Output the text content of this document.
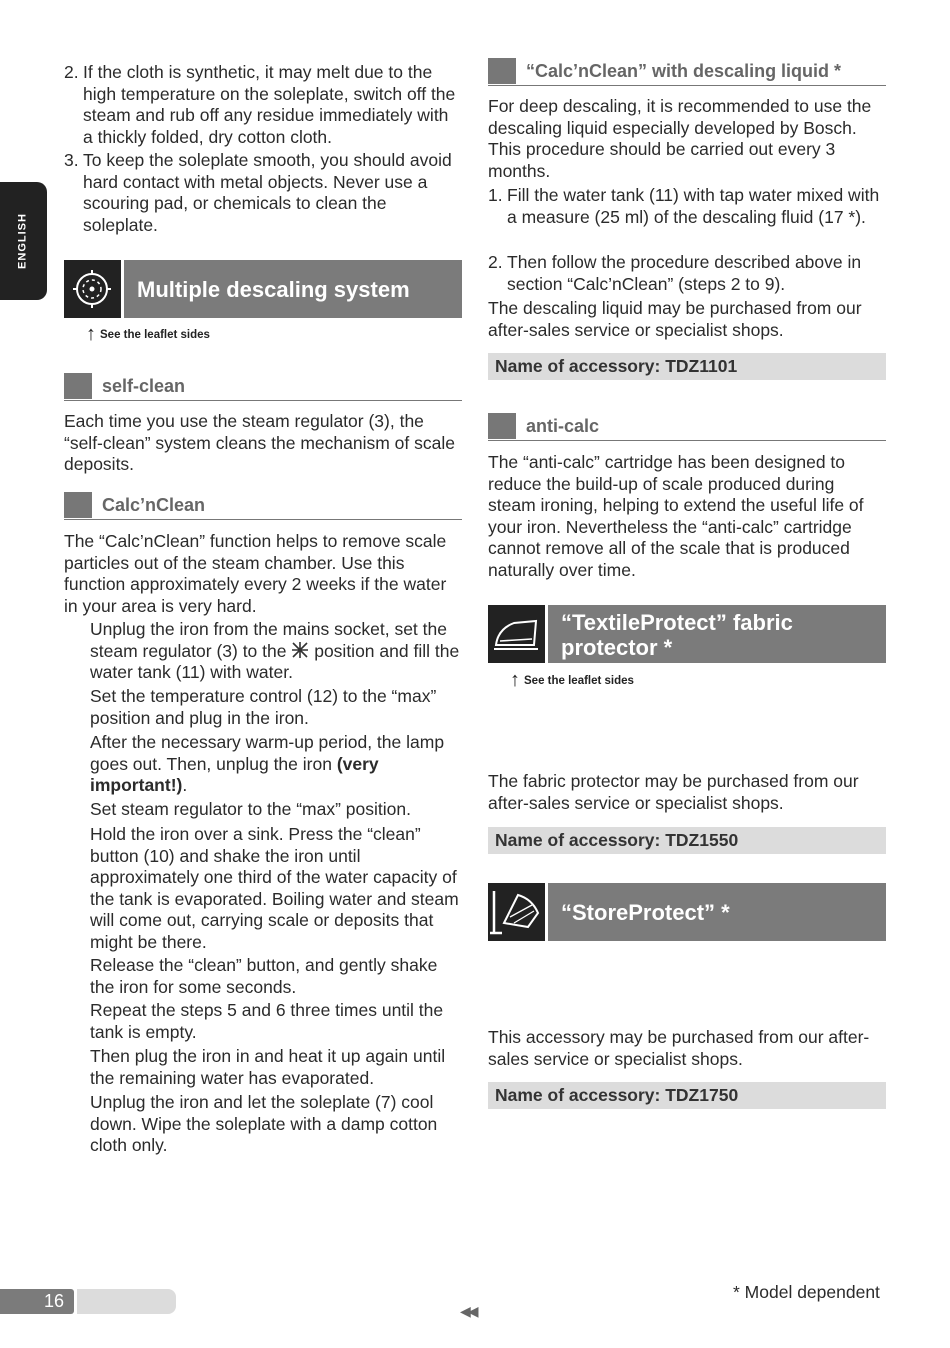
ENGLISH
2. If the cloth is synthetic, it may melt due to the high temperature on the soleplate, switch off the steam and rub off any residue immediately with a thickly folded, dry cotton cloth.
3. To keep the soleplate smooth, you should avoid hard contact with metal objects. Never use a scouring pad, or chemicals to clean the soleplate.
Multiple descaling system
↑ See the leaflet sides
self-clean
Each time you use the steam regulator (3), the “self-clean” system cleans the mechanism of scale deposits.
Calc’nClean
The “Calc’nClean” function helps to remove scale particles out of the steam chamber. Use this function approximately every 2 weeks if the water in your area is very hard.
Unplug the iron from the mains socket, set the steam regulator (3) to the  position and fill the water tank (11) with water.
Set the temperature control (12) to the “max” position and plug in the iron.
After the necessary warm-up period, the lamp goes out. Then, unplug the iron (very important!).
Set steam regulator to the “max” position.
Hold the iron over a sink. Press the “clean” button (10) and shake the iron until approximately one third of the water capacity of the tank is evaporated. Boiling water and steam will come out, carrying scale or deposits that might be there.
Release the “clean” button, and gently shake the iron for some seconds.
Repeat the steps 5 and 6 three times until the tank is empty.
Then plug the iron in and heat it up again until the remaining water has evaporated.
Unplug the iron and let the soleplate (7) cool down. Wipe the soleplate with a damp cotton cloth only.
“Calc’nClean” with descaling liquid *
For deep descaling, it is recommended to use the descaling liquid especially developed by Bosch. This procedure should be carried out every 3 months.
1. Fill the water tank (11) with tap water mixed with a measure (25 ml) of the descaling fluid (17 *).
2. Then follow the procedure described above in section “Calc’nClean” (steps 2 to 9).
The descaling liquid may be purchased from our after-sales service or specialist shops.
Name of accessory: TDZ1101
anti-calc
The “anti-calc” cartridge has been designed to reduce the build-up of scale produced during steam ironing, helping to extend the useful life of your iron. Nevertheless the “anti-calc” cartridge cannot remove all of the scale that is produced naturally over time.
“TextileProtect” fabric
protector *
↑ See the leaflet sides
The fabric protector may be purchased from our after-sales service or specialist shops.
Name of accessory: TDZ1550
“StoreProtect” *
This accessory may be purchased from our after-sales service or specialist shops.
Name of accessory: TDZ1750
16	◀◀
* Model dependent
